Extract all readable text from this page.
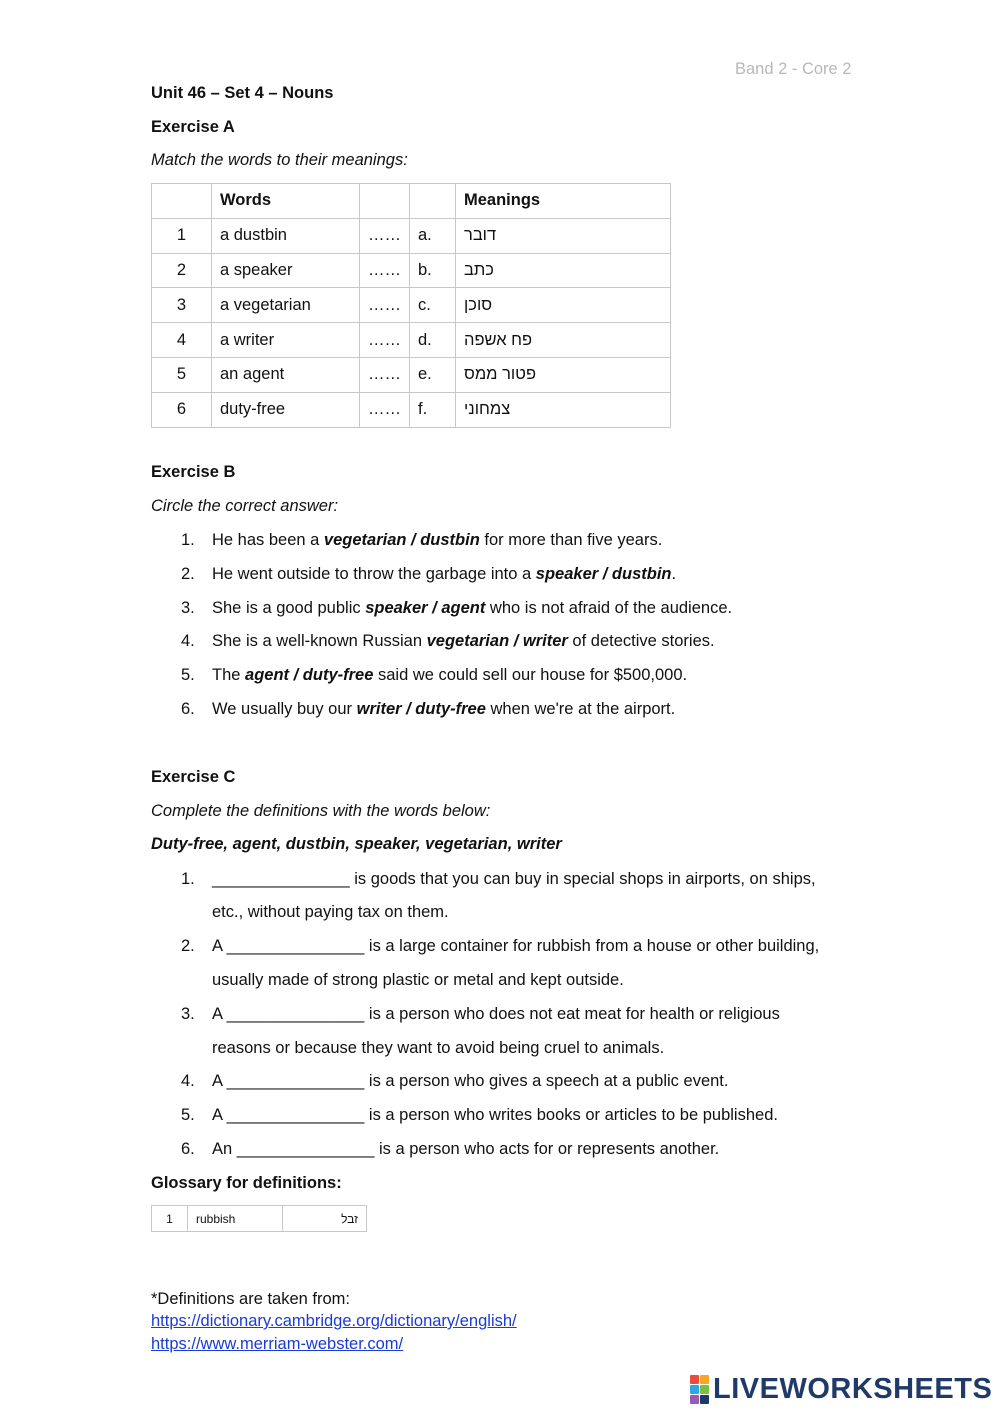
Band 2 - Core 2
Unit 46 – Set 4 – Nouns
Exercise A
Match the words to their meanings:
	Words			Meanings
1	a dustbin	……	a.	דובר
2	a speaker	……	b.	כתב
3	a vegetarian	……	c.	סוכן
4	a writer	……	d.	פח אשפה
5	an agent	……	e.	פטור ממס
6	duty-free	……	f.	צמחוני
Exercise B
Circle the correct answer:
1. He has been a vegetarian / dustbin for more than five years.
2. He went outside to throw the garbage into a speaker / dustbin.
3. She is a good public speaker / agent who is not afraid of the audience.
4. She is a well-known Russian vegetarian / writer of detective stories.
5. The agent / duty-free said we could sell our house for $500,000.
6. We usually buy our writer / duty-free when we're at the airport.
Exercise C
Complete the definitions with the words below:
Duty-free, agent, dustbin, speaker, vegetarian, writer
1. _______________ is goods that you can buy in special shops in airports, on ships,
etc., without paying tax on them.
2. A _______________ is a large container for rubbish from a house or other building,
usually made of strong plastic or metal and kept outside.
3. A _______________ is a person who does not eat meat for health or religious
reasons or because they want to avoid being cruel to animals.
4. A _______________ is a person who gives a speech at a public event.
5. A _______________ is a person who writes books or articles to be published.
6. An _______________ is a person who acts for or represents another.
Glossary for definitions:
1	rubbish	זבל
*Definitions are taken from:
https://dictionary.cambridge.org/dictionary/english/
https://www.merriam-webster.com/
LIVEWORKSHEETS
